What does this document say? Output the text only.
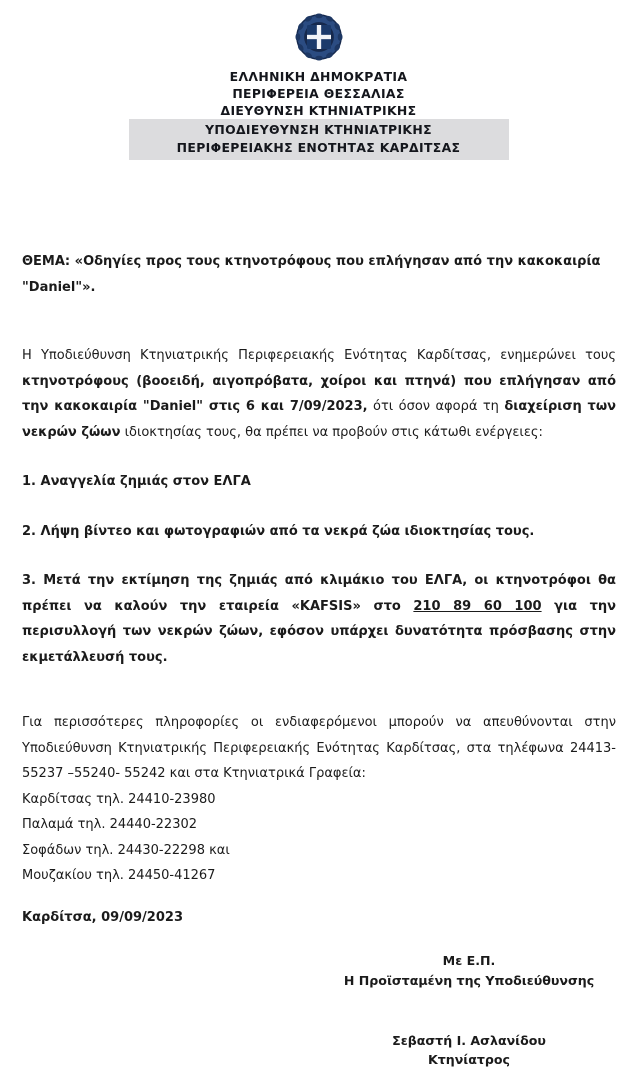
ΕΛΛΗΝΙΚΗ ΔΗΜΟΚΡΑΤΙΑ
ΠΕΡΙΦΕΡΕΙΑ ΘΕΣΣΑΛΙΑΣ
ΔΙΕΥΘΥΝΣΗ ΚΤΗΝΙΑΤΡΙΚΗΣ
ΥΠΟΔΙΕΥΘΥΝΣΗ ΚΤΗΝΙΑΤΡΙΚΗΣ
ΠΕΡΙΦΕΡΕΙΑΚΗΣ ΕΝΟΤΗΤΑΣ ΚΑΡΔΙΤΣΑΣ

ΘΕΜΑ: «Οδηγίες προς τους κτηνοτρόφους που επλήγησαν από την κακοκαιρία "Daniel"».

Η Υποδιεύθυνση Κτηνιατρικής Περιφερειακής Ενότητας Καρδίτσας, ενημερώνει τους κτηνοτρόφους (βοοειδή, αιγοπρόβατα, χοίροι και πτηνά) που επλήγησαν από την κακοκαιρία "Daniel" στις 6 και 7/09/2023, ότι όσον αφορά τη διαχείριση των νεκρών ζώων ιδιοκτησίας τους, θα πρέπει να προβούν στις κάτωθι ενέργειες:

1. Αναγγελία ζημιάς στον ΕΛΓΑ

2. Λήψη βίντεο και φωτογραφιών από τα νεκρά ζώα ιδιοκτησίας τους.

3. Μετά την εκτίμηση της ζημιάς από κλιμάκιο του ΕΛΓΑ, οι κτηνοτρόφοι θα πρέπει να καλούν την εταιρεία «KAFSIS» στο 210 89 60 100 για την περισυλλογή των νεκρών ζώων, εφόσον υπάρχει δυνατότητα πρόσβασης στην εκμετάλλευσή τους.

Για περισσότερες πληροφορίες οι ενδιαφερόμενοι μπορούν να απευθύνονται στην Υποδιεύθυνση Κτηνιατρικής Περιφερειακής Ενότητας Καρδίτσας, στα τηλέφωνα 24413-55237 –55240- 55242 και στα Κτηνιατρικά Γραφεία:

Καρδίτσας τηλ. 24410-23980

Παλαμά τηλ. 24440-22302

Σοφάδων τηλ. 24430-22298 και

Μουζακίου τηλ. 24450-41267

Καρδίτσα, 09/09/2023

Με Ε.Π.
Η Προϊσταμένη της Υποδιεύθυνσης
Σεβαστή Ι. Ασλανίδου
Κτηνίατρος
